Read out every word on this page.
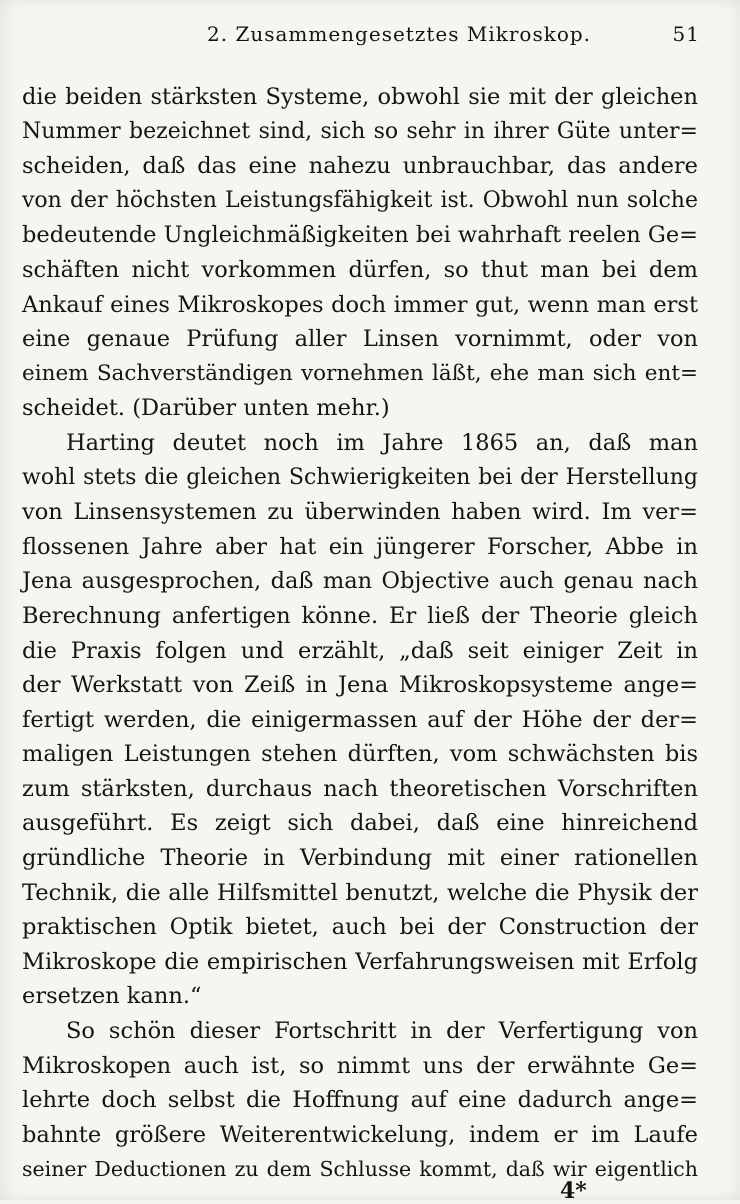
2. Zusammengesetztes Mikroskop.	51
die beiden stärksten Systeme, obwohl sie mit der gleichen
Nummer bezeichnet sind, sich so sehr in ihrer Güte unter=
scheiden, daß das eine nahezu unbrauchbar, das andere
von der höchsten Leistungsfähigkeit ist. Obwohl nun solche
bedeutende Ungleichmäßigkeiten bei wahrhaft reelen Ge=
schäften nicht vorkommen dürfen, so thut man bei dem
Ankauf eines Mikroskopes doch immer gut, wenn man erst
eine genaue Prüfung aller Linsen vornimmt, oder von
einem Sachverständigen vornehmen läßt, ehe man sich ent=
scheidet. (Darüber unten mehr.)
Harting deutet noch im Jahre 1865 an, daß man
wohl stets die gleichen Schwierigkeiten bei der Herstellung
von Linsensystemen zu überwinden haben wird. Im ver=
flossenen Jahre aber hat ein jüngerer Forscher, Abbe in
Jena ausgesprochen, daß man Objective auch genau nach
Berechnung anfertigen könne. Er ließ der Theorie gleich
die Praxis folgen und erzählt, „daß seit einiger Zeit in
der Werkstatt von Zeiß in Jena Mikroskopsysteme ange=
fertigt werden, die einigermassen auf der Höhe der der=
maligen Leistungen stehen dürften, vom schwächsten bis
zum stärksten, durchaus nach theoretischen Vorschriften
ausgeführt. Es zeigt sich dabei, daß eine hinreichend
gründliche Theorie in Verbindung mit einer rationellen
Technik, die alle Hilfsmittel benutzt, welche die Physik der
praktischen Optik bietet, auch bei der Construction der
Mikroskope die empirischen Verfahrungsweisen mit Erfolg
ersetzen kann.“
So schön dieser Fortschritt in der Verfertigung von
Mikroskopen auch ist, so nimmt uns der erwähnte Ge=
lehrte doch selbst die Hoffnung auf eine dadurch ange=
bahnte größere Weiterentwickelung, indem er im Laufe
seiner Deductionen zu dem Schlusse kommt, daß wir eigentlich
4*
